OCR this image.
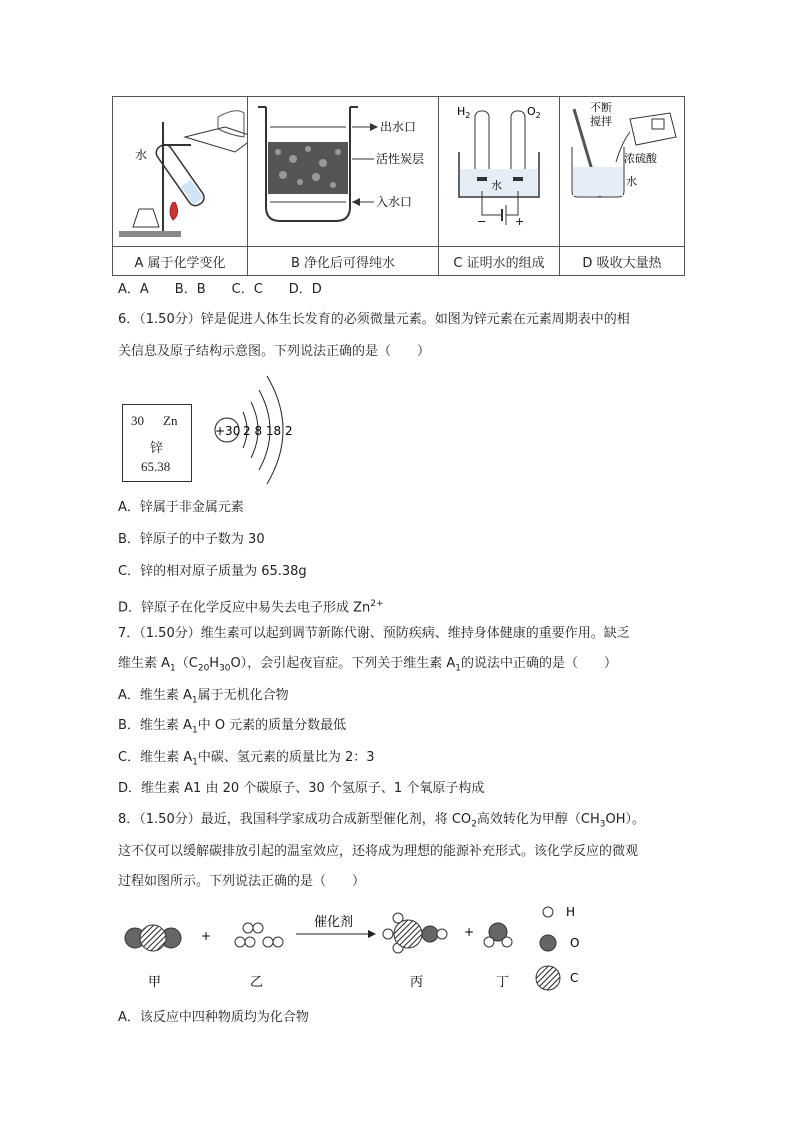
水	出水口
活性炭层
入水口	$H_2$ $O_2$
水
− +	不断
搅拌
浓硫酸
水

A 属于化学变化	B 净化后可得纯水	C 证明水的组成	D 吸收大量热
A．A　　B．B　　C．C　　D．D
6．（1.50分）锌是促进人体生长发育的必须微量元素。如图为锌元素在元素周期表中的相
关信息及原子结构示意图。下列说法正确的是（　　）
30 Zn
锌
65.38
+30 2 8 18 2
A．锌属于非金属元素
B．锌原子的中子数为 30
C．锌的相对原子质量为 65.38g
D．锌原子在化学反应中易失去电子形成 $Zn^{2+}$
7．（1.50分）维生素可以起到调节新陈代谢、预防疾病、维持身体健康的重要作用。缺乏
维生素 $A_1(C_{20}H_{30}O)$，会引起夜盲症。下列关于维生素 $A_1$的说法中正确的是（　　）
A．维生素 $A_1$属于无机化合物
B．维生素 $A_1$中 O 元素的质量分数最低
C．维生素 $A_1$中碳、氢元素的质量比为 2：3
D．维生素 A1 由 20 个碳原子、30 个氢原子、1 个氧原子构成
8．（1.50分）最近，我国科学家成功合成新型催化剂，将 $CO_2$高效转化为甲醇$(CH_3OH)$。
这不仅可以缓解碳排放引起的温室效应，还将成为理想的能源补充形式。该化学反应的微观
过程如图所示。下列说法正确的是（　　）
+
催化剂
+
H
O
C
甲	乙	丙	丁
A．该反应中四种物质均为化合物
